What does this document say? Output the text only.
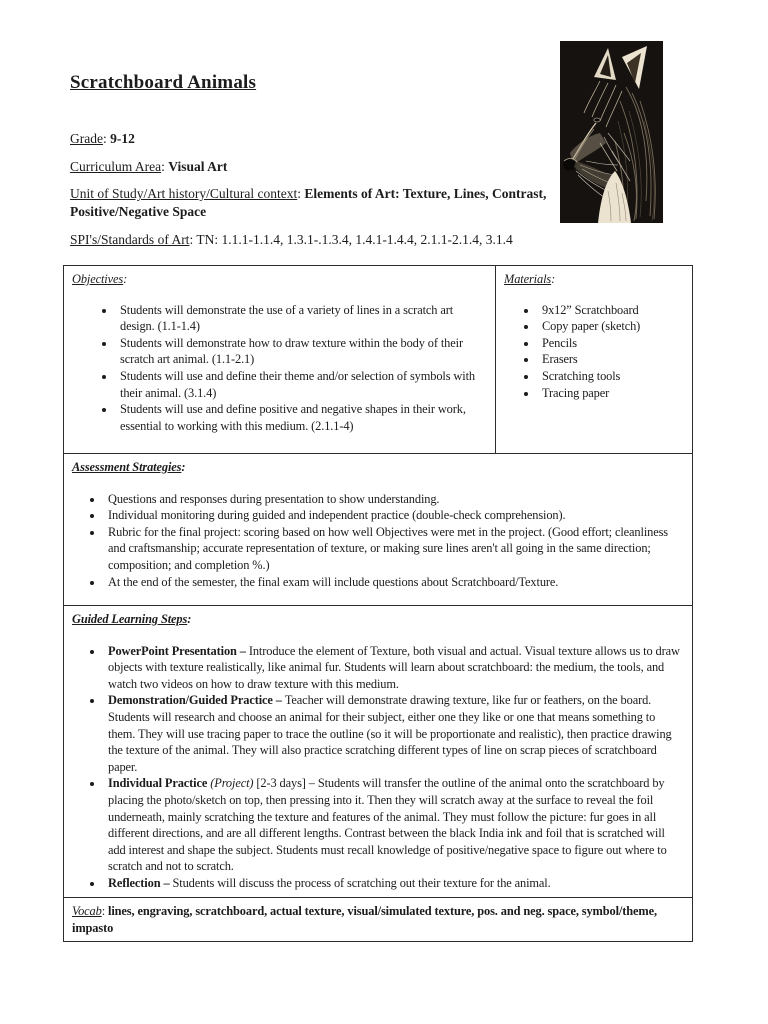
Scratchboard Animals

Grade: 9-12

Curriculum Area: Visual Art

Unit of Study/Art history/Cultural context: Elements of Art: Texture, Lines, Contrast, Positive/Negative Space

SPI's/Standards of Art: TN: 1.1.1-1.1.4, 1.3.1-.1.3.4, 1.4.1-1.4.4, 2.1.1-2.1.4, 3.1.4

Objectives:
• Students will demonstrate the use of a variety of lines in a scratch art design. (1.1-1.4)
• Students will demonstrate how to draw texture within the body of their scratch art animal. (1.1-2.1)
• Students will use and define their theme and/or selection of symbols with their animal. (3.1.4)
• Students will use and define positive and negative shapes in their work, essential to working with this medium. (2.1.1-4)

Materials:
• 9x12” Scratchboard
• Copy paper (sketch)
• Pencils
• Erasers
• Scratching tools
• Tracing paper

Assessment Strategies:
• Questions and responses during presentation to show understanding.
• Individual monitoring during guided and independent practice (double-check comprehension).
• Rubric for the final project: scoring based on how well Objectives were met in the project. (Good effort; cleanliness and craftsmanship; accurate representation of texture, or making sure lines aren't all going in the same direction; composition; and completion %.)
• At the end of the semester, the final exam will include questions about Scratchboard/Texture.

Guided Learning Steps:
• PowerPoint Presentation – Introduce the element of Texture, both visual and actual. Visual texture allows us to draw objects with texture realistically, like animal fur. Students will learn about scratchboard: the medium, the tools, and watch two videos on how to draw texture with this medium.
• Demonstration/Guided Practice – Teacher will demonstrate drawing texture, like fur or feathers, on the board. Students will research and choose an animal for their subject, either one they like or one that means something to them. They will use tracing paper to trace the outline (so it will be proportionate and realistic), then practice drawing the texture of the animal. They will also practice scratching different types of line on scrap pieces of scratchboard paper.
• Individual Practice (Project) [2-3 days] – Students will transfer the outline of the animal onto the scratchboard by placing the photo/sketch on top, then pressing into it. Then they will scratch away at the surface to reveal the foil underneath, mainly scratching the texture and features of the animal. They must follow the picture: fur goes in all different directions, and are all different lengths. Contrast between the black India ink and foil that is scratched will add interest and shape the subject. Students must recall knowledge of positive/negative space to figure out where to scratch and not to scratch.
• Reflection – Students will discuss the process of scratching out their texture for the animal.

Vocab: lines, engraving, scratchboard, actual texture, visual/simulated texture, pos. and neg. space, symbol/theme, impasto
